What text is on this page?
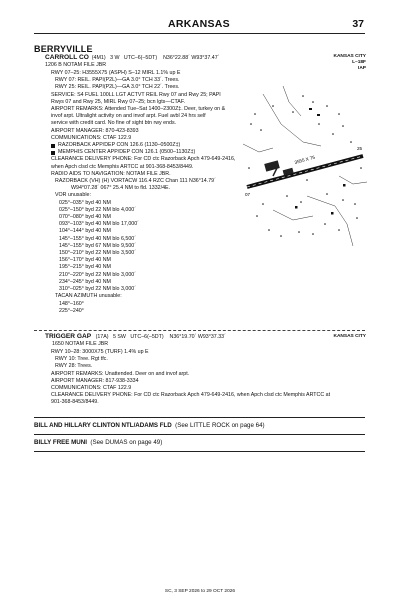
ARKANSAS	37
BERRYVILLE
CARROLL CO (4M1) 3 W UTC–6(–5DT) N36°22.88´ W93°37.47´	KANSAS CITY
L–18F
IAP
1206 B NOTAM FILE JBR
RWY 07–25: H3555X75 (ASPH) S–12 MIRL 1.1% up E
RWY 07: REIL. PAPI(P2L)—GA 3.0° TCH 33´. Trees.
RWY 25: REIL. PAPI(P2L)—GA 3.0° TCH 22´. Trees.
SERVICE: S4 FUEL 100LL LGT ACTVT REIL Rwy 07 and Rwy 25; PAPI
Rwys 07 and Rwy 25, MIRL Rwy 07–25; bcn lgts—CTAF.
AIRPORT REMARKS: Attended Tue–Sat 1400–2300Z‡. Deer, turkey on &
invof arpt. Ultralight activity on and invof arpt. Fuel avbl 24 hrs self
service with credit card. No fine of sight btn rwy ends.
AIRPORT MANAGER: 870-423-8393
COMMUNICATIONS: CTAF 122.9
RAZORBACK APP/DEP CON 126.6 (1130–0500Z‡)
MEMPHIS CENTER APP/DEP CON 126.1 (0500–1130Z‡)
CLEARANCE DELIVERY PHONE: For CD ctc Razorback Apch 479-649-2416,
when Apch clsd ctc Memphis ARTCC at 901-368-8453/8449.
RADIO AIDS TO NAVIGATION: NOTAM FILE JBR.
RAZORBACK (VH) (H) VORTACW 116.4 RZC Chan 111 N36°14.79´
W94°07.28´ 067° 25.4 NM to fld. 1332/4E.
VOR unusable:
025°–035° byd 40 NM
025°–150° byd 22 NM blo 4,000´
070°–080° byd 40 NM
093°–103° byd 40 NM blo 17,000´
104°–144° byd 40 NM
145°–155° byd 40 NM blo 6,500´
145°–155° byd 67 NM blo 9,500´
150°–210° byd 22 NM blo 3,500´
156°–170° byd 40 NM
195°–215° byd 40 NM
210°–220° byd 22 NM blo 3,000´
234°–245° byd 40 NM
310°–025° byd 22 NM blo 3,000´
TACAN AZIMUTH unusable:
148°–160°
225°–240°
3555 X 75
07
25
TRIGGER GAP (17A) 5 SW UTC–6(–5DT) N36°19.70´ W93°37.33´	KANSAS CITY
1650 NOTAM FILE JBR
RWY 10–28: 3000X75 (TURF) 1.4% up E
RWY 10: Tree. Rgt tfc.
RWY 28: Trees.
AIRPORT REMARKS: Unattended. Deer on and invof arpt.
AIRPORT MANAGER: 817-938-3334
COMMUNICATIONS: CTAF 122.9
CLEARANCE DELIVERY PHONE: For CD ctc Razorback Apch 479-649-2416, when Apch clsd ctc Memphis ARTCC at
901-368-8453/8449.
BILL AND HILLARY CLINTON NTL/ADAMS FLD (See LITTLE ROCK on page 64)
BILLY FREE MUNI (See DUMAS on page 49)
SC, 3 SEP 2026 to 29 OCT 2026
